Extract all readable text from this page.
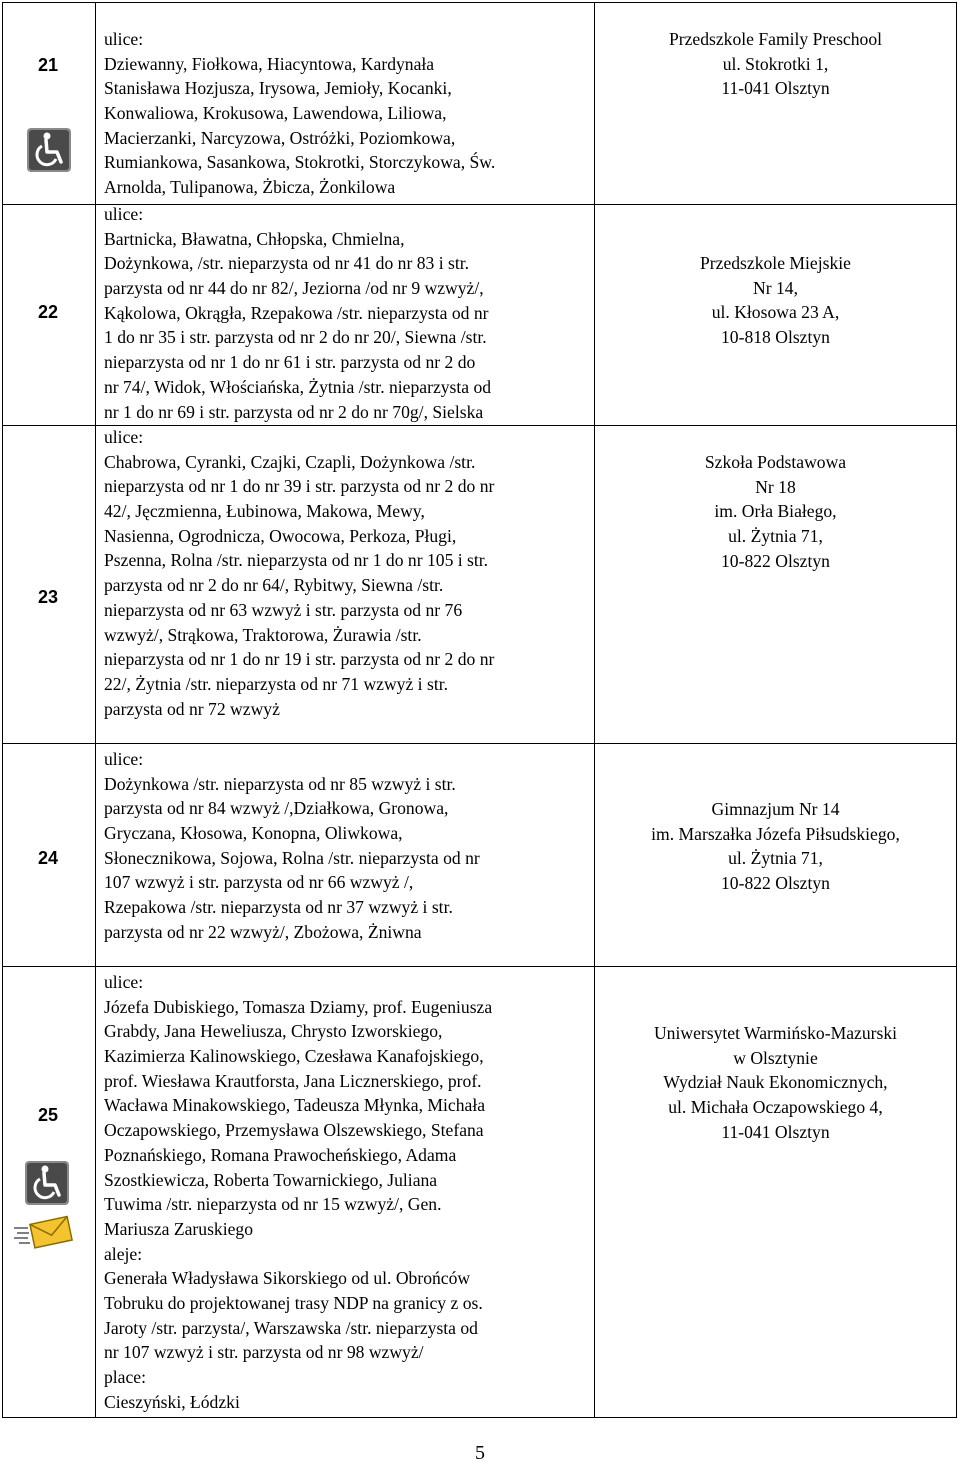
21
ulice:
Dziewanny, Fiołkowa, Hiacyntowa, Kardynała
Stanisława Hozjusza, Irysowa, Jemioły, Kocanki,
Konwaliowa, Krokusowa, Lawendowa, Liliowa,
Macierzanki, Narcyzowa, Ostróżki, Poziomkowa,
Rumiankowa, Sasankowa, Stokrotki, Storczykowa, Św.
Arnolda, Tulipanowa, Żbicza, Żonkilowa
Przedszkole Family Preschool
ul. Stokrotki 1,
11-041 Olsztyn
22
ulice:
Bartnicka, Bławatna, Chłopska, Chmielna,
Dożynkowa, /str. nieparzysta od nr 41 do nr 83 i str.
parzysta od nr 44 do nr 82/, Jeziorna /od nr 9 wzwyż/,
Kąkolowa, Okrągła, Rzepakowa /str. nieparzysta od nr
1 do nr 35 i str. parzysta od nr 2 do nr 20/, Siewna /str.
nieparzysta od nr 1 do nr 61 i str. parzysta od nr 2 do
nr 74/, Widok, Włościańska, Żytnia /str. nieparzysta od
nr 1 do nr 69 i str. parzysta od nr 2 do nr 70g/, Sielska
Przedszkole Miejskie
Nr 14,
ul. Kłosowa 23 A,
10-818 Olsztyn
23
ulice:
Chabrowa, Cyranki, Czajki, Czapli, Dożynkowa /str.
nieparzysta od nr 1 do nr 39 i str. parzysta od nr 2 do nr
42/, Jęczmienna, Łubinowa, Makowa, Mewy,
Nasienna, Ogrodnicza, Owocowa, Perkoza, Pługi,
Pszenna, Rolna /str. nieparzysta od nr 1 do nr 105 i str.
parzysta od nr 2 do nr 64/, Rybitwy, Siewna /str.
nieparzysta od nr 63 wzwyż i str. parzysta od nr 76
wzwyż/, Strąkowa, Traktorowa, Żurawia /str.
nieparzysta od nr 1 do nr 19 i str. parzysta od nr 2 do nr
22/, Żytnia /str. nieparzysta od nr 71 wzwyż i str.
parzysta od nr 72 wzwyż
Szkoła Podstawowa
Nr 18
im. Orła Białego,
ul. Żytnia 71,
10-822 Olsztyn
24
ulice:
Dożynkowa /str. nieparzysta od nr 85 wzwyż i str.
parzysta od nr 84 wzwyż /,Działkowa, Gronowa,
Gryczana, Kłosowa, Konopna, Oliwkowa,
Słonecznikowa, Sojowa, Rolna /str. nieparzysta od nr
107 wzwyż i str. parzysta od nr 66 wzwyż /,
Rzepakowa /str. nieparzysta od nr 37 wzwyż i str.
parzysta od nr 22 wzwyż/, Zbożowa, Żniwna
Gimnazjum Nr 14
im. Marszałka Józefa Piłsudskiego,
ul. Żytnia 71,
10-822 Olsztyn
25
ulice:
Józefa Dubiskiego, Tomasza Dziamy, prof. Eugeniusza
Grabdy, Jana Heweliusza, Chrysto Izworskiego,
Kazimierza Kalinowskiego, Czesława Kanafojskiego,
prof. Wiesława Krautforsta, Jana Licznerskiego, prof.
Wacława Minakowskiego, Tadeusza Młynka, Michała
Oczapowskiego, Przemysława Olszewskiego, Stefana
Poznańskiego, Romana Prawocheńskiego, Adama
Szostkiewicza, Roberta Towarnickiego, Juliana
Tuwima /str. nieparzysta od nr 15 wzwyż/, Gen.
Mariusza Zaruskiego
aleje:
Generała Władysława Sikorskiego od ul. Obrońców
Tobruku do projektowanej trasy NDP na granicy z os.
Jaroty /str. parzysta/, Warszawska /str. nieparzysta od
nr 107 wzwyż i str. parzysta od nr 98 wzwyż/
place:
Cieszyński, Łódzki
Uniwersytet Warmińsko-Mazurski
w Olsztynie
Wydział Nauk Ekonomicznych,
ul. Michała Oczapowskiego 4,
11-041 Olsztyn
5
